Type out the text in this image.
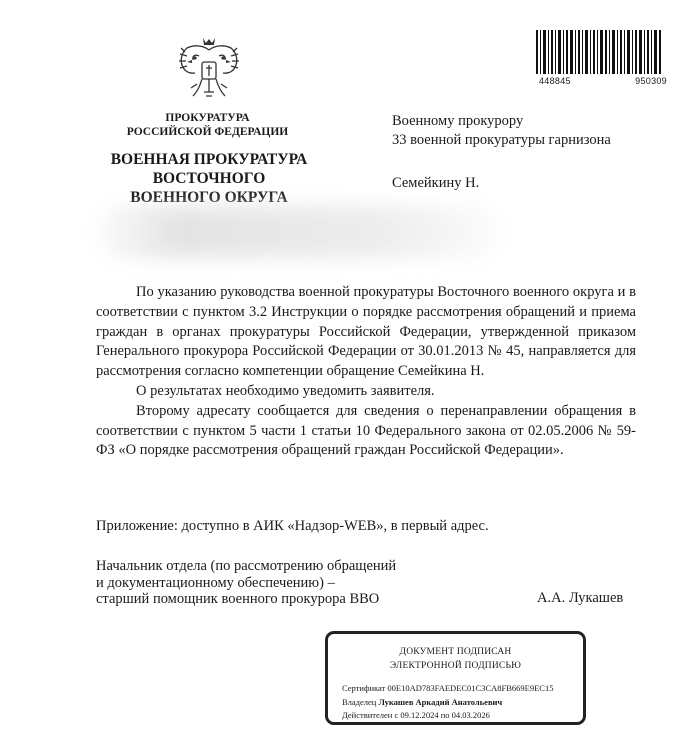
ПРОКУРАТУРА
РОССИЙСКОЙ ФЕДЕРАЦИИ
ВОЕННАЯ ПРОКУРАТУРА
ВОСТОЧНОГО
ВОЕННОГО ОКРУГА
448845	950309
Военному прокурору
33 военной прокуратуры гарнизона
Семейкину Н.

По указанию руководства военной прокуратуры Восточного военного округа и в соответствии с пунктом 3.2 Инструкции о порядке рассмотрения обращений и приема граждан в органах прокуратуры Российской Федерации, утвержденной приказом Генерального прокурора Российской Федерации от 30.01.2013 № 45, направляется для рассмотрения согласно компетенции обращение Семейкина Н.

О результатах необходимо уведомить заявителя.

Второму адресату сообщается для сведения о перенаправлении обращения в соответствии с пунктом 5 части 1 статьи 10 Федерального закона от 02.05.2006 № 59-ФЗ «О порядке рассмотрения обращений граждан Российской Федерации».

Приложение: доступно в АИК «Надзор-WEB», в первый адрес.
Начальник отдела (по рассмотрению обращений
и документационному обеспечению) –
старший помощник военного прокурора ВВО	А.А. Лукашев
ДОКУМЕНТ ПОДПИСАН
ЭЛЕКТРОННОЙ ПОДПИСЬЮ
Сертификат 00E10AD783FAEDEC01C3CA8FB669E9EC15
Владелец Лукашев Аркадий Анатольевич
Действителен с 09.12.2024 по 04.03.2026
